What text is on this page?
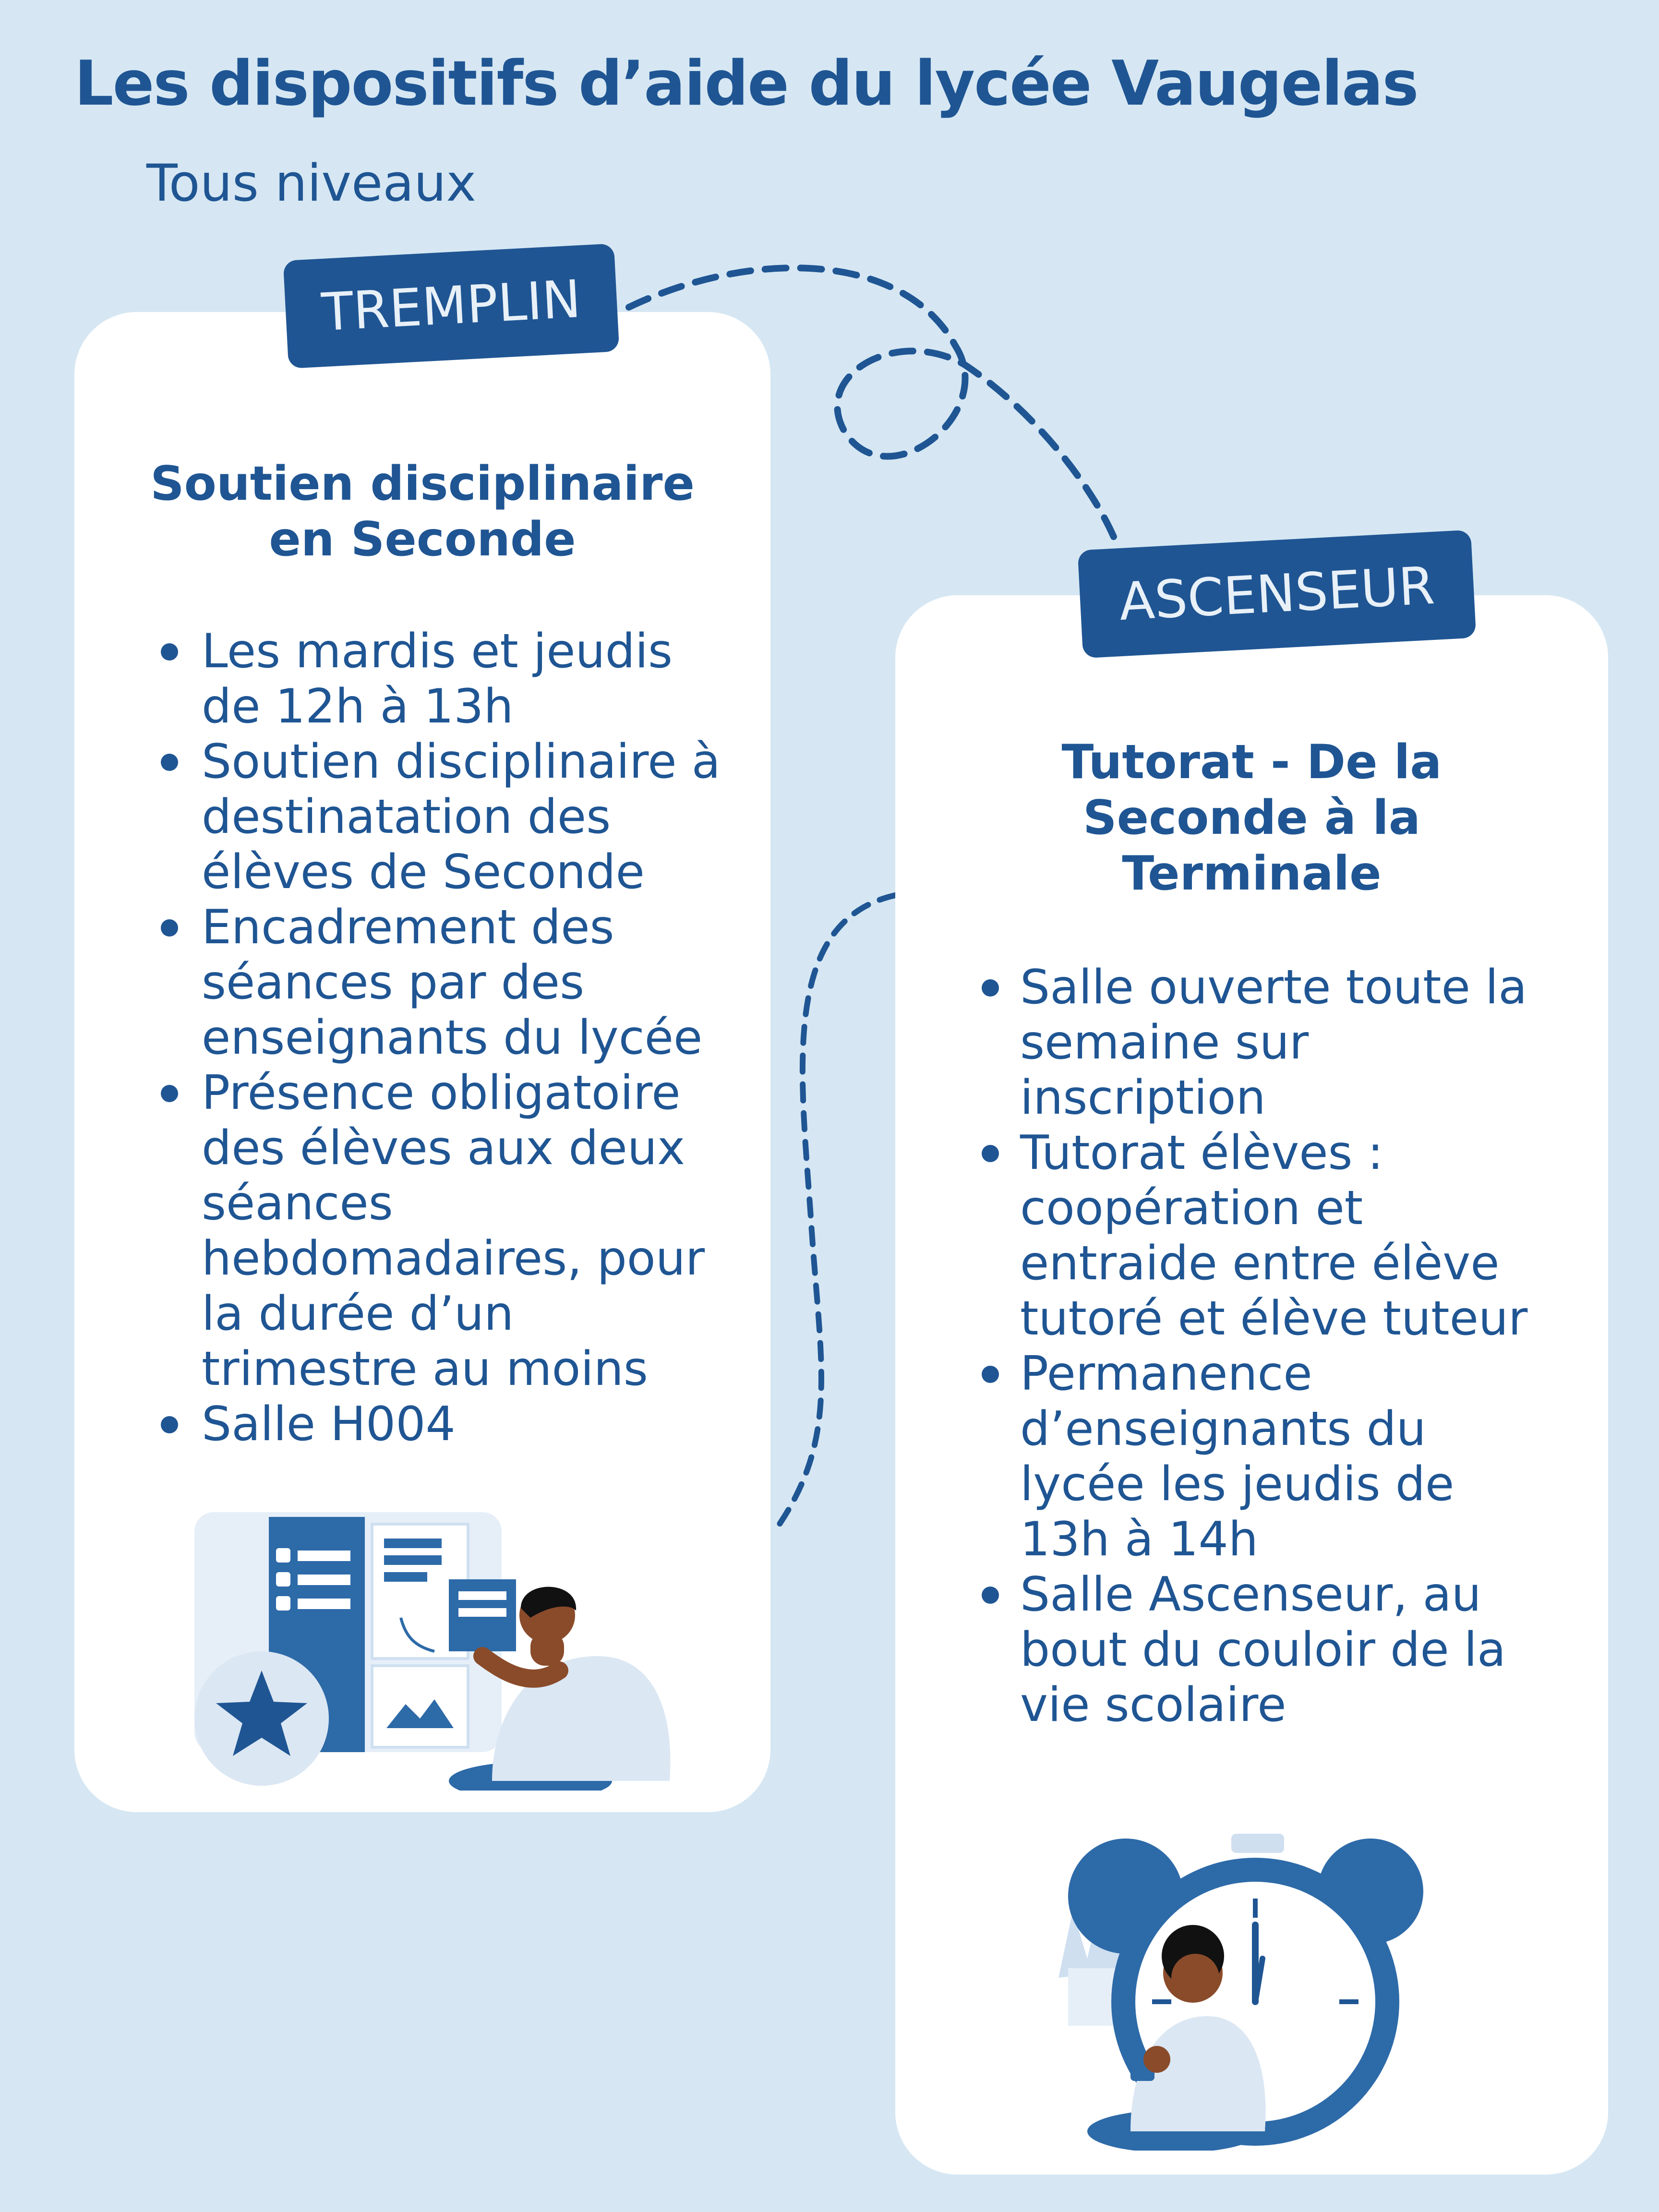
Les dispositifs d’aide du lycée Vaugelas
Tous niveaux
Soutien disciplinaire
en Seconde
Les mardis et jeudis
de 12h à 13h
Soutien disciplinaire à
destinatation des
élèves de Seconde
Encadrement des
séances par des
enseignants du lycée
Présence obligatoire
des élèves aux deux
séances
hebdomadaires, pour
la durée d’un
trimestre au moins
Salle H004
TREMPLIN
Tutorat - De la
Seconde à la
Terminale
Salle ouverte toute la
semaine sur
inscription
Tutorat élèves :
coopération et
entraide entre élève
tutoré et élève tuteur
Permanence
d’enseignants du
lycée les jeudis de
13h à 14h
Salle Ascenseur, au
bout du couloir de la
vie scolaire
ASCENSEUR
